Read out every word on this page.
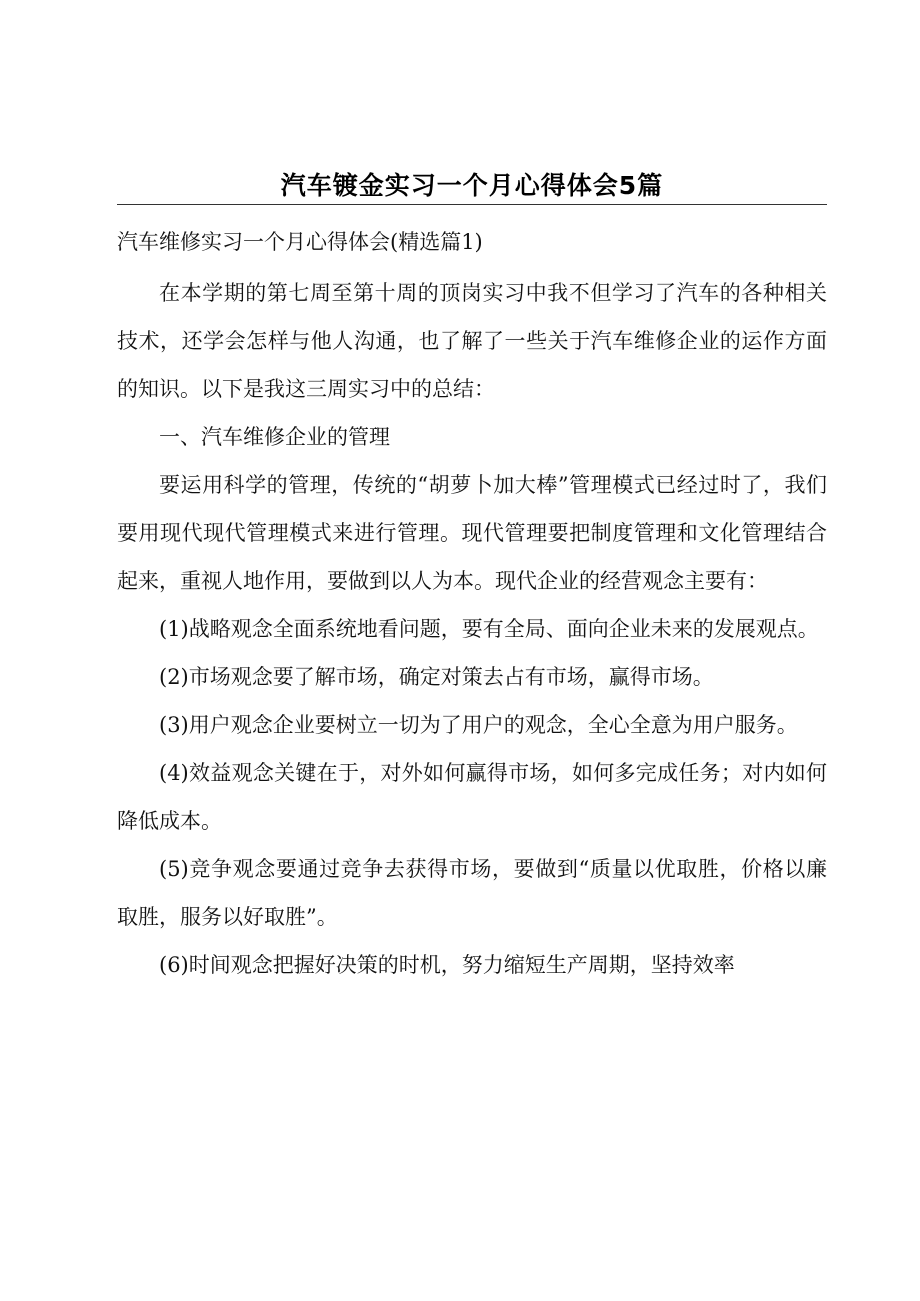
汽车镀金实习一个月心得体会5篇

汽车维修实习一个月心得体会(精选篇1)

在本学期的第七周至第十周的顶岗实习中我不但学习了汽车的各种相关技术，还学会怎样与他人沟通，也了解了一些关于汽车维修企业的运作方面的知识。以下是我这三周实习中的总结：

一、汽车维修企业的管理

要运用科学的管理，传统的“胡萝卜加大棒”管理模式已经过时了，我们要用现代现代管理模式来进行管理。现代管理要把制度管理和文化管理结合起来，重视人地作用，要做到以人为本。现代企业的经营观念主要有：

(1)战略观念全面系统地看问题，要有全局、面向企业未来的发展观点。

(2)市场观念要了解市场，确定对策去占有市场，赢得市场。

(3)用户观念企业要树立一切为了用户的观念，全心全意为用户服务。

(4)效益观念关键在于，对外如何赢得市场，如何多完成任务；对内如何降低成本。

(5)竞争观念要通过竞争去获得市场，要做到“质量以优取胜，价格以廉取胜，服务以好取胜”。

(6)时间观念把握好决策的时机，努力缩短生产周期，坚持效率
